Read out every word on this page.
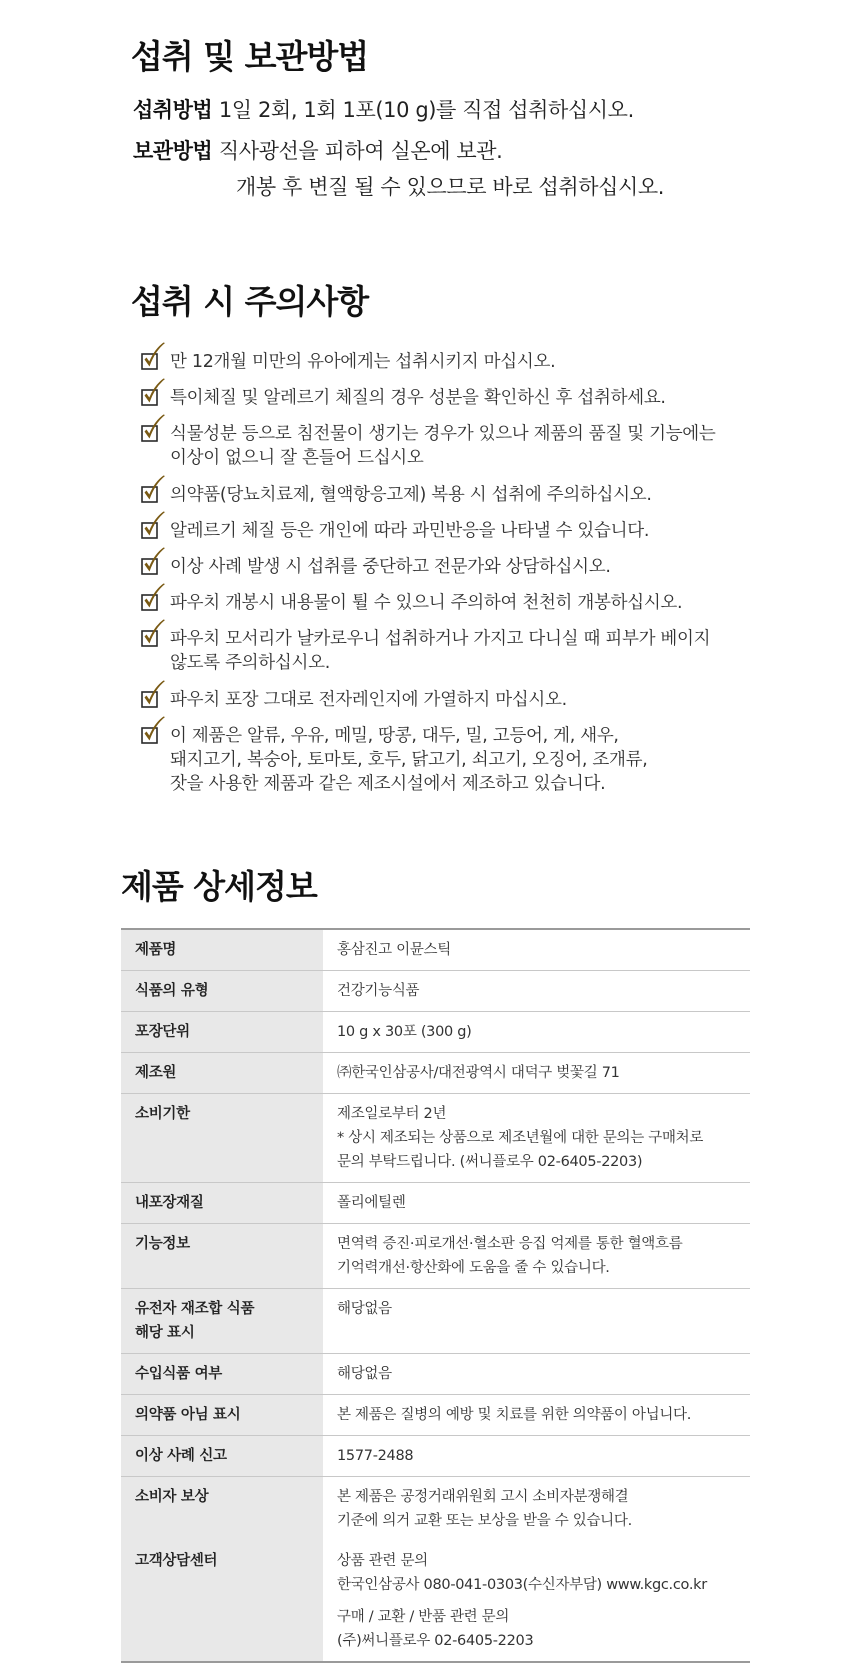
섭취 및 보관방법
섭취방법 1일 2회, 1회 1포(10 g)를 직접 섭취하십시오.
보관방법 직사광선을 피하여 실온에 보관.
개봉 후 변질 될 수 있으므로 바로 섭취하십시오.
섭취 시 주의사항
만 12개월 미만의 유아에게는 섭취시키지 마십시오.
특이체질 및 알레르기 체질의 경우 성분을 확인하신 후 섭취하세요.
식물성분 등으로 침전물이 생기는 경우가 있으나 제품의 품질 및 기능에는
이상이 없으니 잘 흔들어 드십시오
의약품(당뇨치료제, 혈액항응고제) 복용 시 섭취에 주의하십시오.
알레르기 체질 등은 개인에 따라 과민반응을 나타낼 수 있습니다.
이상 사례 발생 시 섭취를 중단하고 전문가와 상담하십시오.
파우치 개봉시 내용물이 튈 수 있으니 주의하여 천천히 개봉하십시오.
파우치 모서리가 날카로우니 섭취하거나 가지고 다니실 때 피부가 베이지
않도록 주의하십시오.
파우치 포장 그대로 전자레인지에 가열하지 마십시오.
이 제품은 알류, 우유, 메밀, 땅콩, 대두, 밀, 고등어, 게, 새우,
돼지고기, 복숭아, 토마토, 호두, 닭고기, 쇠고기, 오징어, 조개류,
잣을 사용한 제품과 같은 제조시설에서 제조하고 있습니다.
제품 상세정보
제품명	홍삼진고 이뮨스틱

식품의 유형	건강기능식품

포장단위	10 g x 30포 (300 g)

제조원	㈜한국인삼공사/대전광역시 대덕구 벚꽃길 71

소비기한	제조일로부터 2년
* 상시 제조되는 상품으로 제조년월에 대한 문의는 구매처로
문의 부탁드립니다. (써니플로우 02-6405-2203)

내포장재질	폴리에틸렌

기능정보	면역력 증진·피로개선·혈소판 응집 억제를 통한 혈액흐름
기억력개선·항산화에 도움을 줄 수 있습니다.

유전자 재조합 식품
해당 표시	해당없음

수입식품 여부	해당없음

의약품 아님 표시	본 제품은 질병의 예방 및 치료를 위한 의약품이 아닙니다.

이상 사례 신고	1577-2488

소비자 보상	본 제품은 공정거래위원회 고시 소비자분쟁해결
기준에 의거 교환 또는 보상을 받을 수 있습니다.

고객상담센터	상품 관련 문의
한국인삼공사 080-041-0303(수신자부담) www.kgc.co.kr
구매 / 교환 / 반품 관련 문의
(주)써니플로우 02-6405-2203
